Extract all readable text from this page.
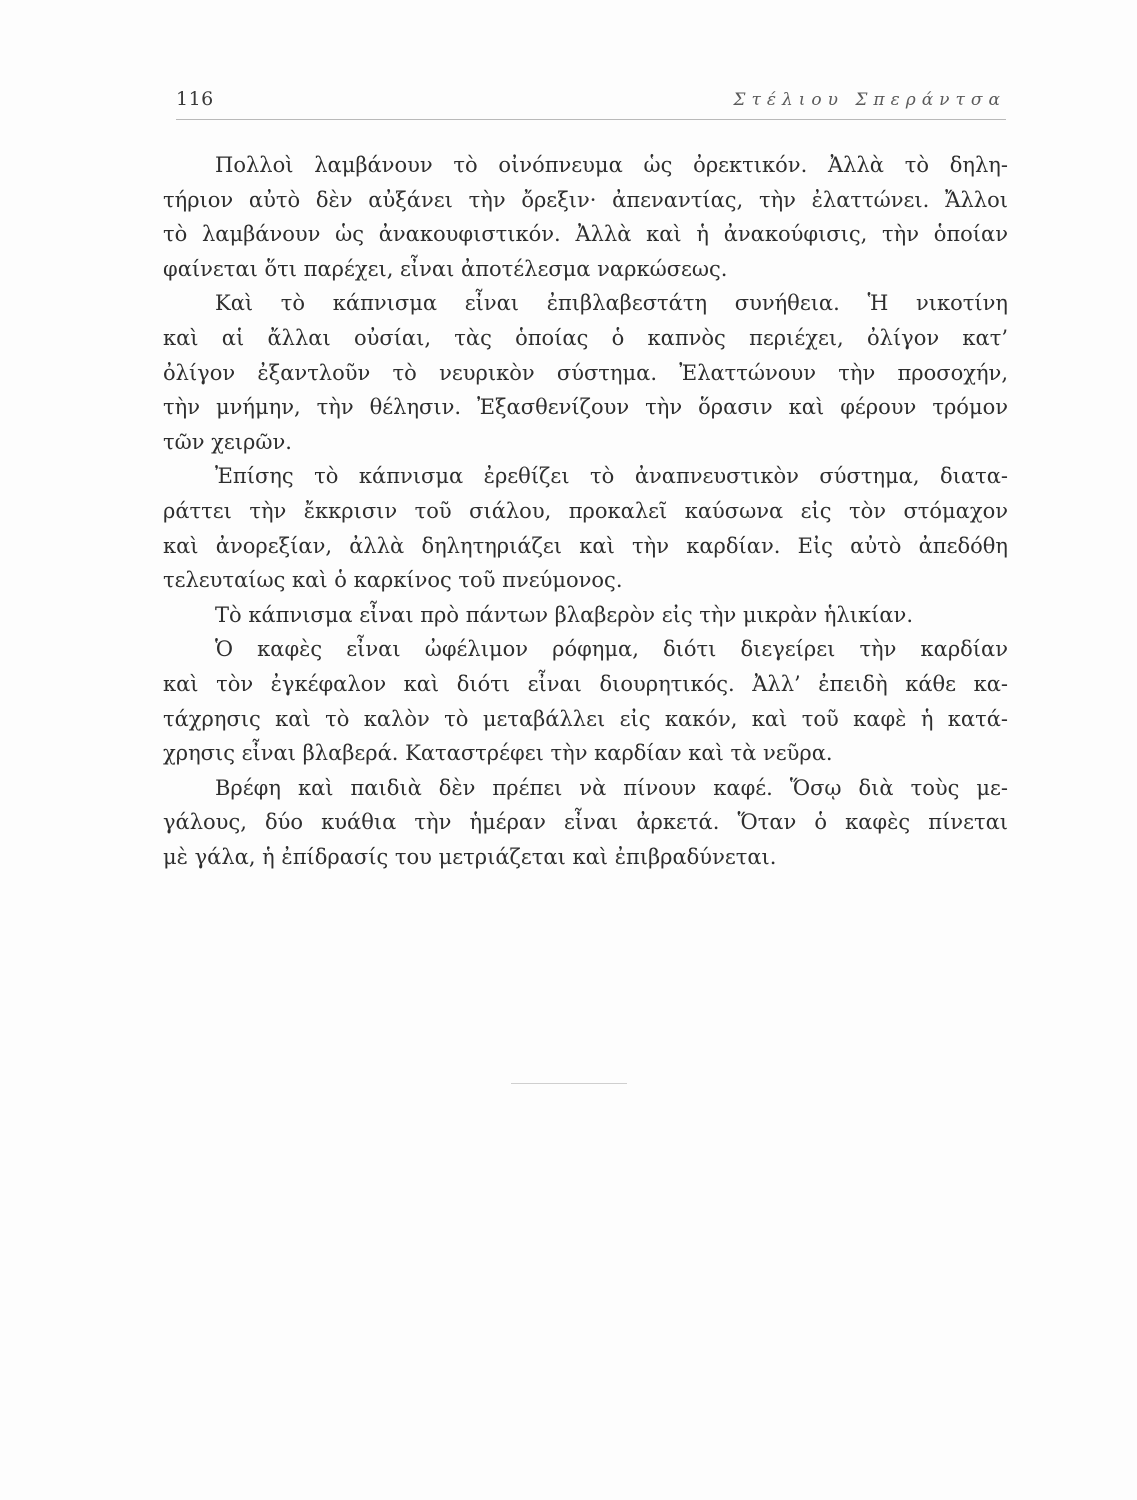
116	Στέλιου Σπεράντσα
Πολλοὶ λαμβάνουν τὸ οἰνόπνευμα ὡς ὀρεκτικόν. Ἀλλὰ τὸ δηλη-
τήριον αὐτὸ δὲν αὐξάνει τὴν ὄρεξιν· ἀπεναντίας, τὴν ἐλαττώνει. Ἄλλοι
τὸ λαμβάνουν ὡς ἀνακουφιστικόν. Ἀλλὰ καὶ ἡ ἀνακούφισις, τὴν ὁποίαν
φαίνεται ὅτι παρέχει, εἶναι ἀποτέλεσμα ναρκώσεως.
Καὶ τὸ κάπνισμα εἶναι ἐπιβλαβεστάτη συνήθεια. Ἡ νικοτίνη
καὶ αἱ ἄλλαι οὐσίαι, τὰς ὁποίας ὁ καπνὸς περιέχει, ὀλίγον κατ’
ὀλίγον ἐξαντλοῦν τὸ νευρικὸν σύστημα. Ἐλαττώνουν τὴν προσοχήν,
τὴν μνήμην, τὴν θέλησιν. Ἐξασθενίζουν τὴν ὅρασιν καὶ φέρουν τρόμον
τῶν χειρῶν.
Ἐπίσης τὸ κάπνισμα ἐρεθίζει τὸ ἀναπνευστικὸν σύστημα, διατα-
ράττει τὴν ἔκκρισιν τοῦ σιάλου, προκαλεῖ καύσωνα εἰς τὸν στόμαχον
καὶ ἀνορεξίαν, ἀλλὰ δηλητηριάζει καὶ τὴν καρδίαν. Εἰς αὐτὸ ἀπεδόθη
τελευταίως καὶ ὁ καρκίνος τοῦ πνεύμονος.
Τὸ κάπνισμα εἶναι πρὸ πάντων βλαβερὸν εἰς τὴν μικρὰν ἡλικίαν.
Ὁ καφὲς εἶναι ὠφέλιμον ρόφημα, διότι διεγείρει τὴν καρδίαν
καὶ τὸν ἐγκέφαλον καὶ διότι εἶναι διουρητικός. Ἀλλ’ ἐπειδὴ κάθε κα-
τάχρησις καὶ τὸ καλὸν τὸ μεταβάλλει εἰς κακόν, καὶ τοῦ καφὲ ἡ κατά-
χρησις εἶναι βλαβερά. Καταστρέφει τὴν καρδίαν καὶ τὰ νεῦρα.
Βρέφη καὶ παιδιὰ δὲν πρέπει νὰ πίνουν καφέ. Ὅσῳ διὰ τοὺς με-
γάλους, δύο κυάθια τὴν ἡμέραν εἶναι ἀρκετά. Ὅταν ὁ καφὲς πίνεται
μὲ γάλα, ἡ ἐπίδρασίς του μετριάζεται καὶ ἐπιβραδύνεται.
